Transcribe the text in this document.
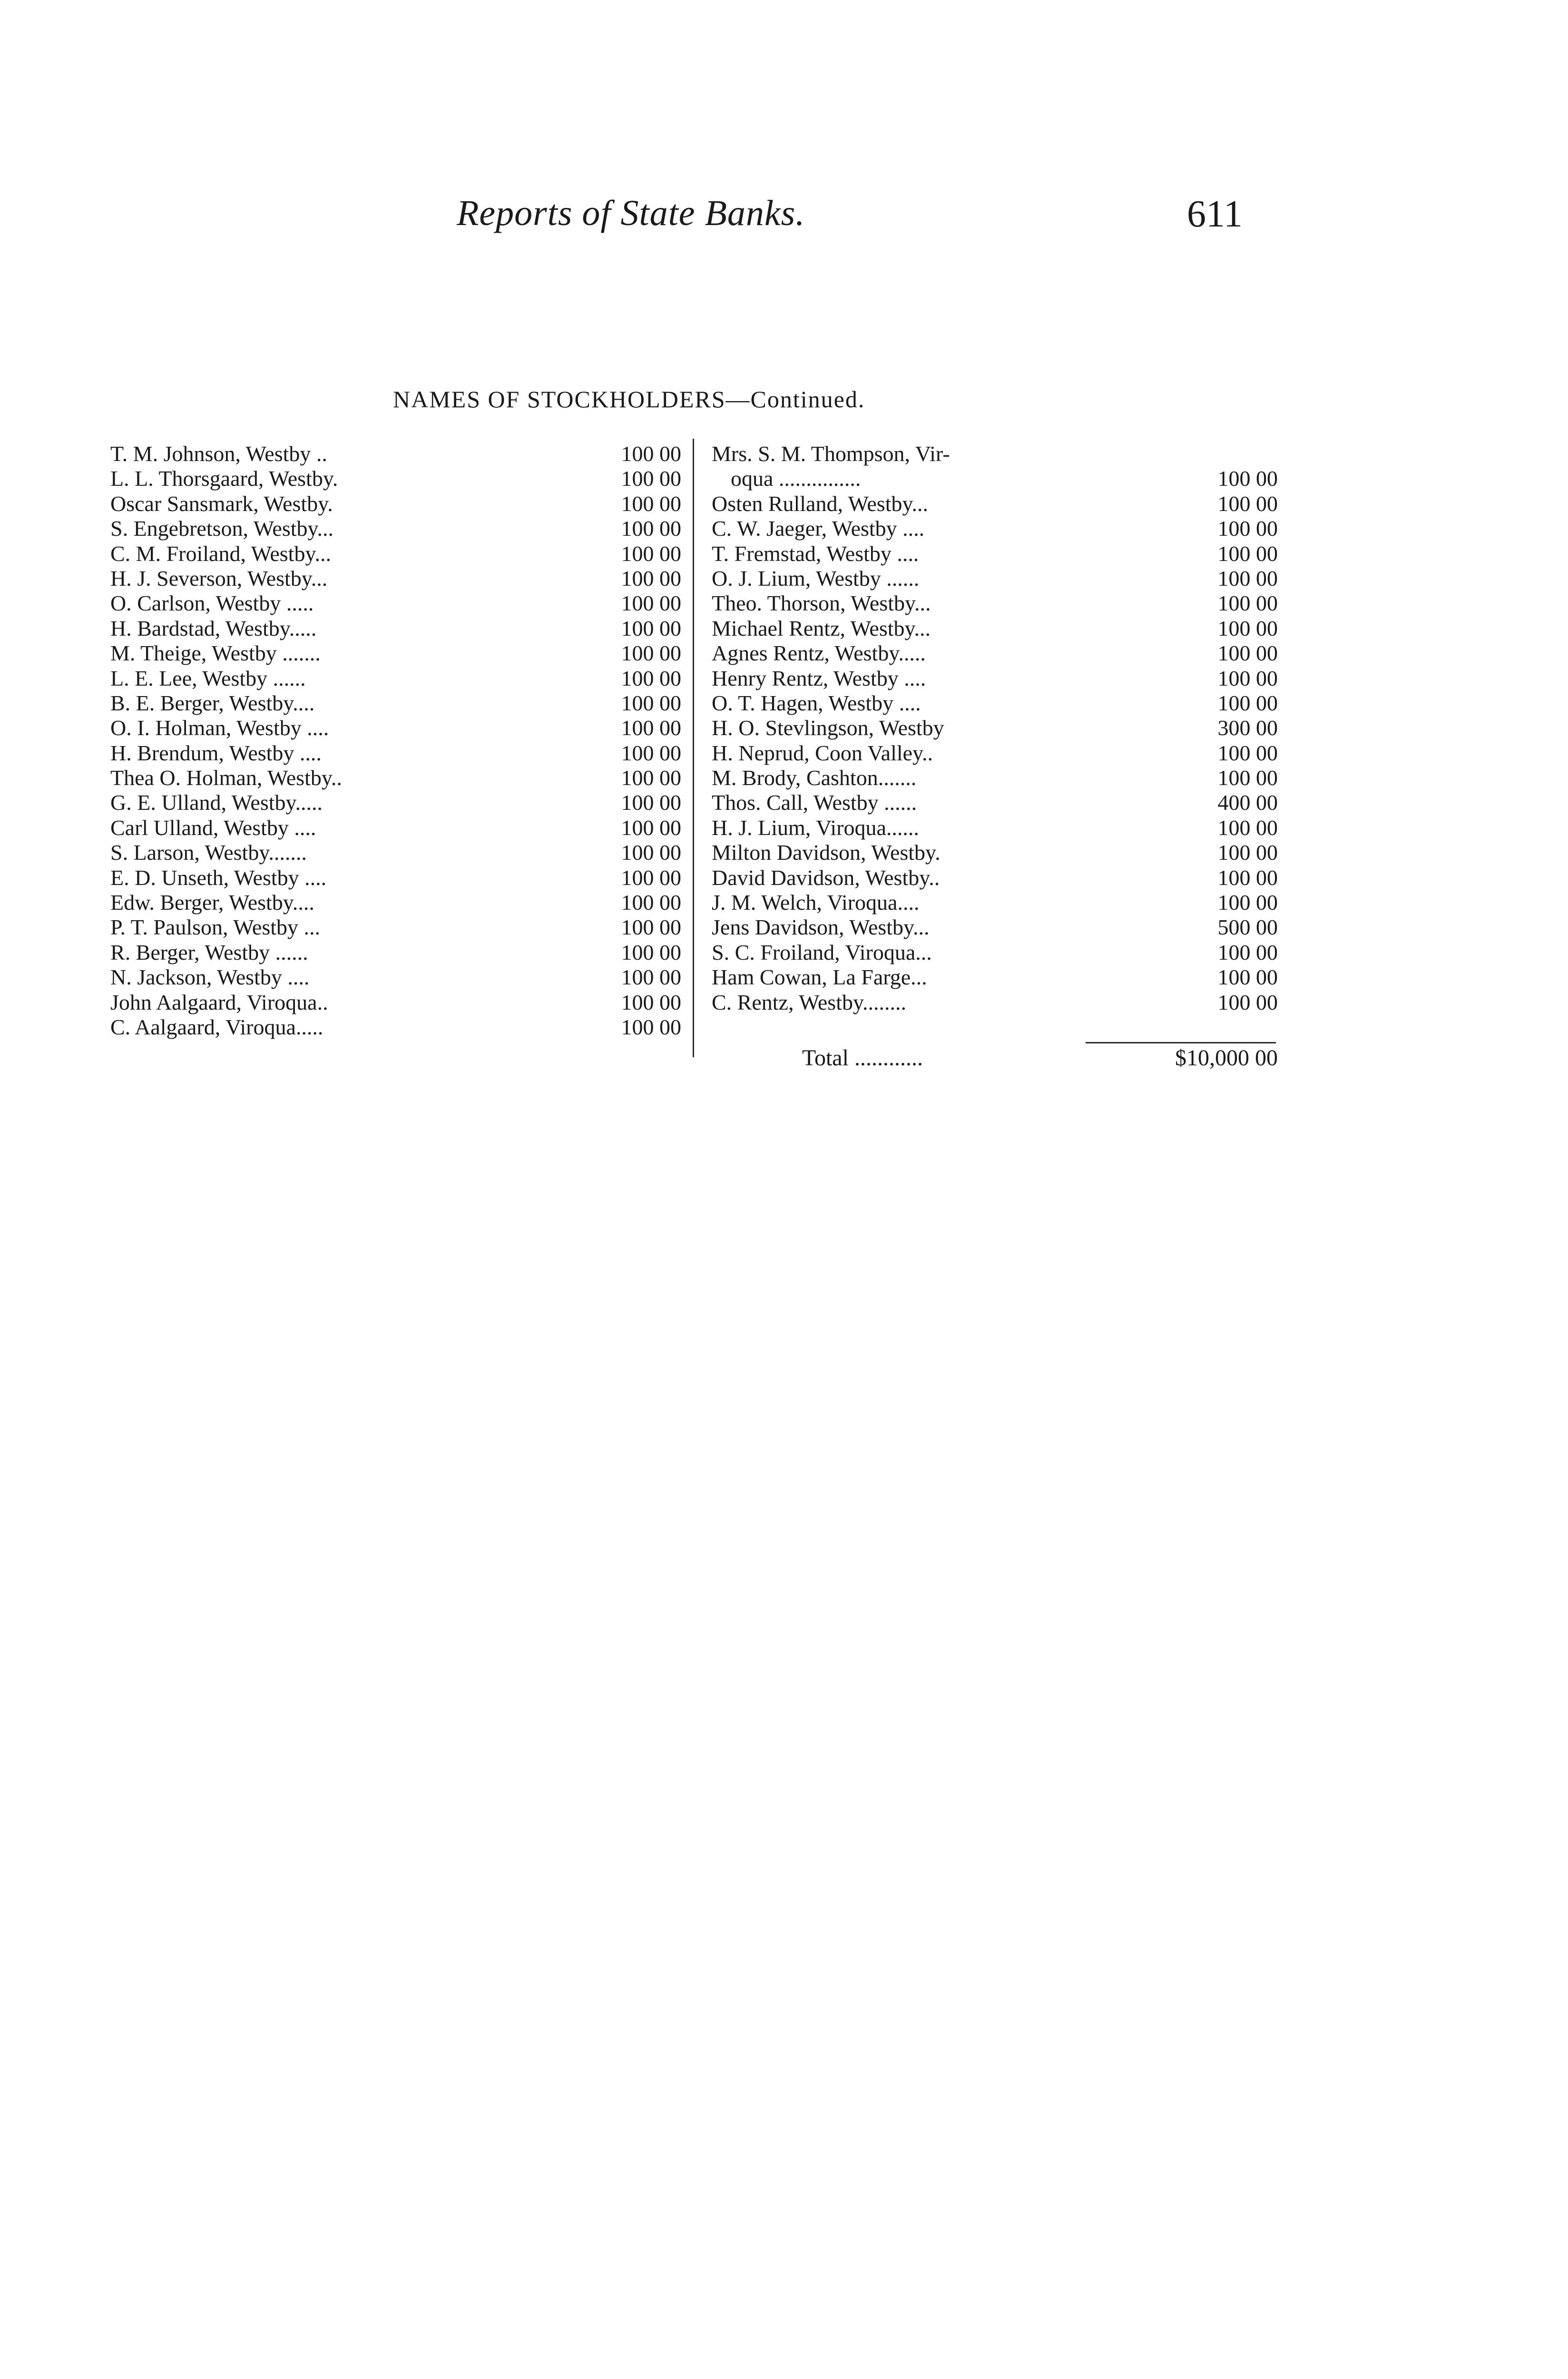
Reports of State Banks.	611
NAMES OF STOCKHOLDERS—Continued.
T. M. Johnson, Westby ..	100 00
L. L. Thorsgaard, Westby.	100 00
Oscar Sansmark, Westby.	100 00
S. Engebretson, Westby...	100 00
C. M. Froiland, Westby...	100 00
H. J. Severson, Westby...	100 00
O. Carlson, Westby .....	100 00
H. Bardstad, Westby.....	100 00
M. Theige, Westby .......	100 00
L. E. Lee, Westby ......	100 00
B. E. Berger, Westby....	100 00
O. I. Holman, Westby ....	100 00
H. Brendum, Westby ....	100 00
Thea O. Holman, Westby..	100 00
G. E. Ulland, Westby.....	100 00
Carl Ulland, Westby ....	100 00
S. Larson, Westby.......	100 00
E. D. Unseth, Westby ....	100 00
Edw. Berger, Westby....	100 00
P. T. Paulson, Westby ...	100 00
R. Berger, Westby ......	100 00
N. Jackson, Westby ....	100 00
John Aalgaard, Viroqua..	100 00
C. Aalgaard, Viroqua.....	100 00
Mrs. S. M. Thompson, Vir-
oqua ...............	100 00
Osten Rulland, Westby...	100 00
C. W. Jaeger, Westby ....	100 00
T. Fremstad, Westby ....	100 00
O. J. Lium, Westby ......	100 00
Theo. Thorson, Westby...	100 00
Michael Rentz, Westby...	100 00
Agnes Rentz, Westby.....	100 00
Henry Rentz, Westby ....	100 00
O. T. Hagen, Westby ....	100 00
H. O. Stevlingson, Westby	300 00
H. Neprud, Coon Valley..	100 00
M. Brody, Cashton.......	100 00
Thos. Call, Westby ......	400 00
H. J. Lium, Viroqua......	100 00
Milton Davidson, Westby.	100 00
David Davidson, Westby..	100 00
J. M. Welch, Viroqua....	100 00
Jens Davidson, Westby...	500 00
S. C. Froiland, Viroqua...	100 00
Ham Cowan, La Farge...	100 00
C. Rentz, Westby........	100 00
Total ............	$10,000 00
